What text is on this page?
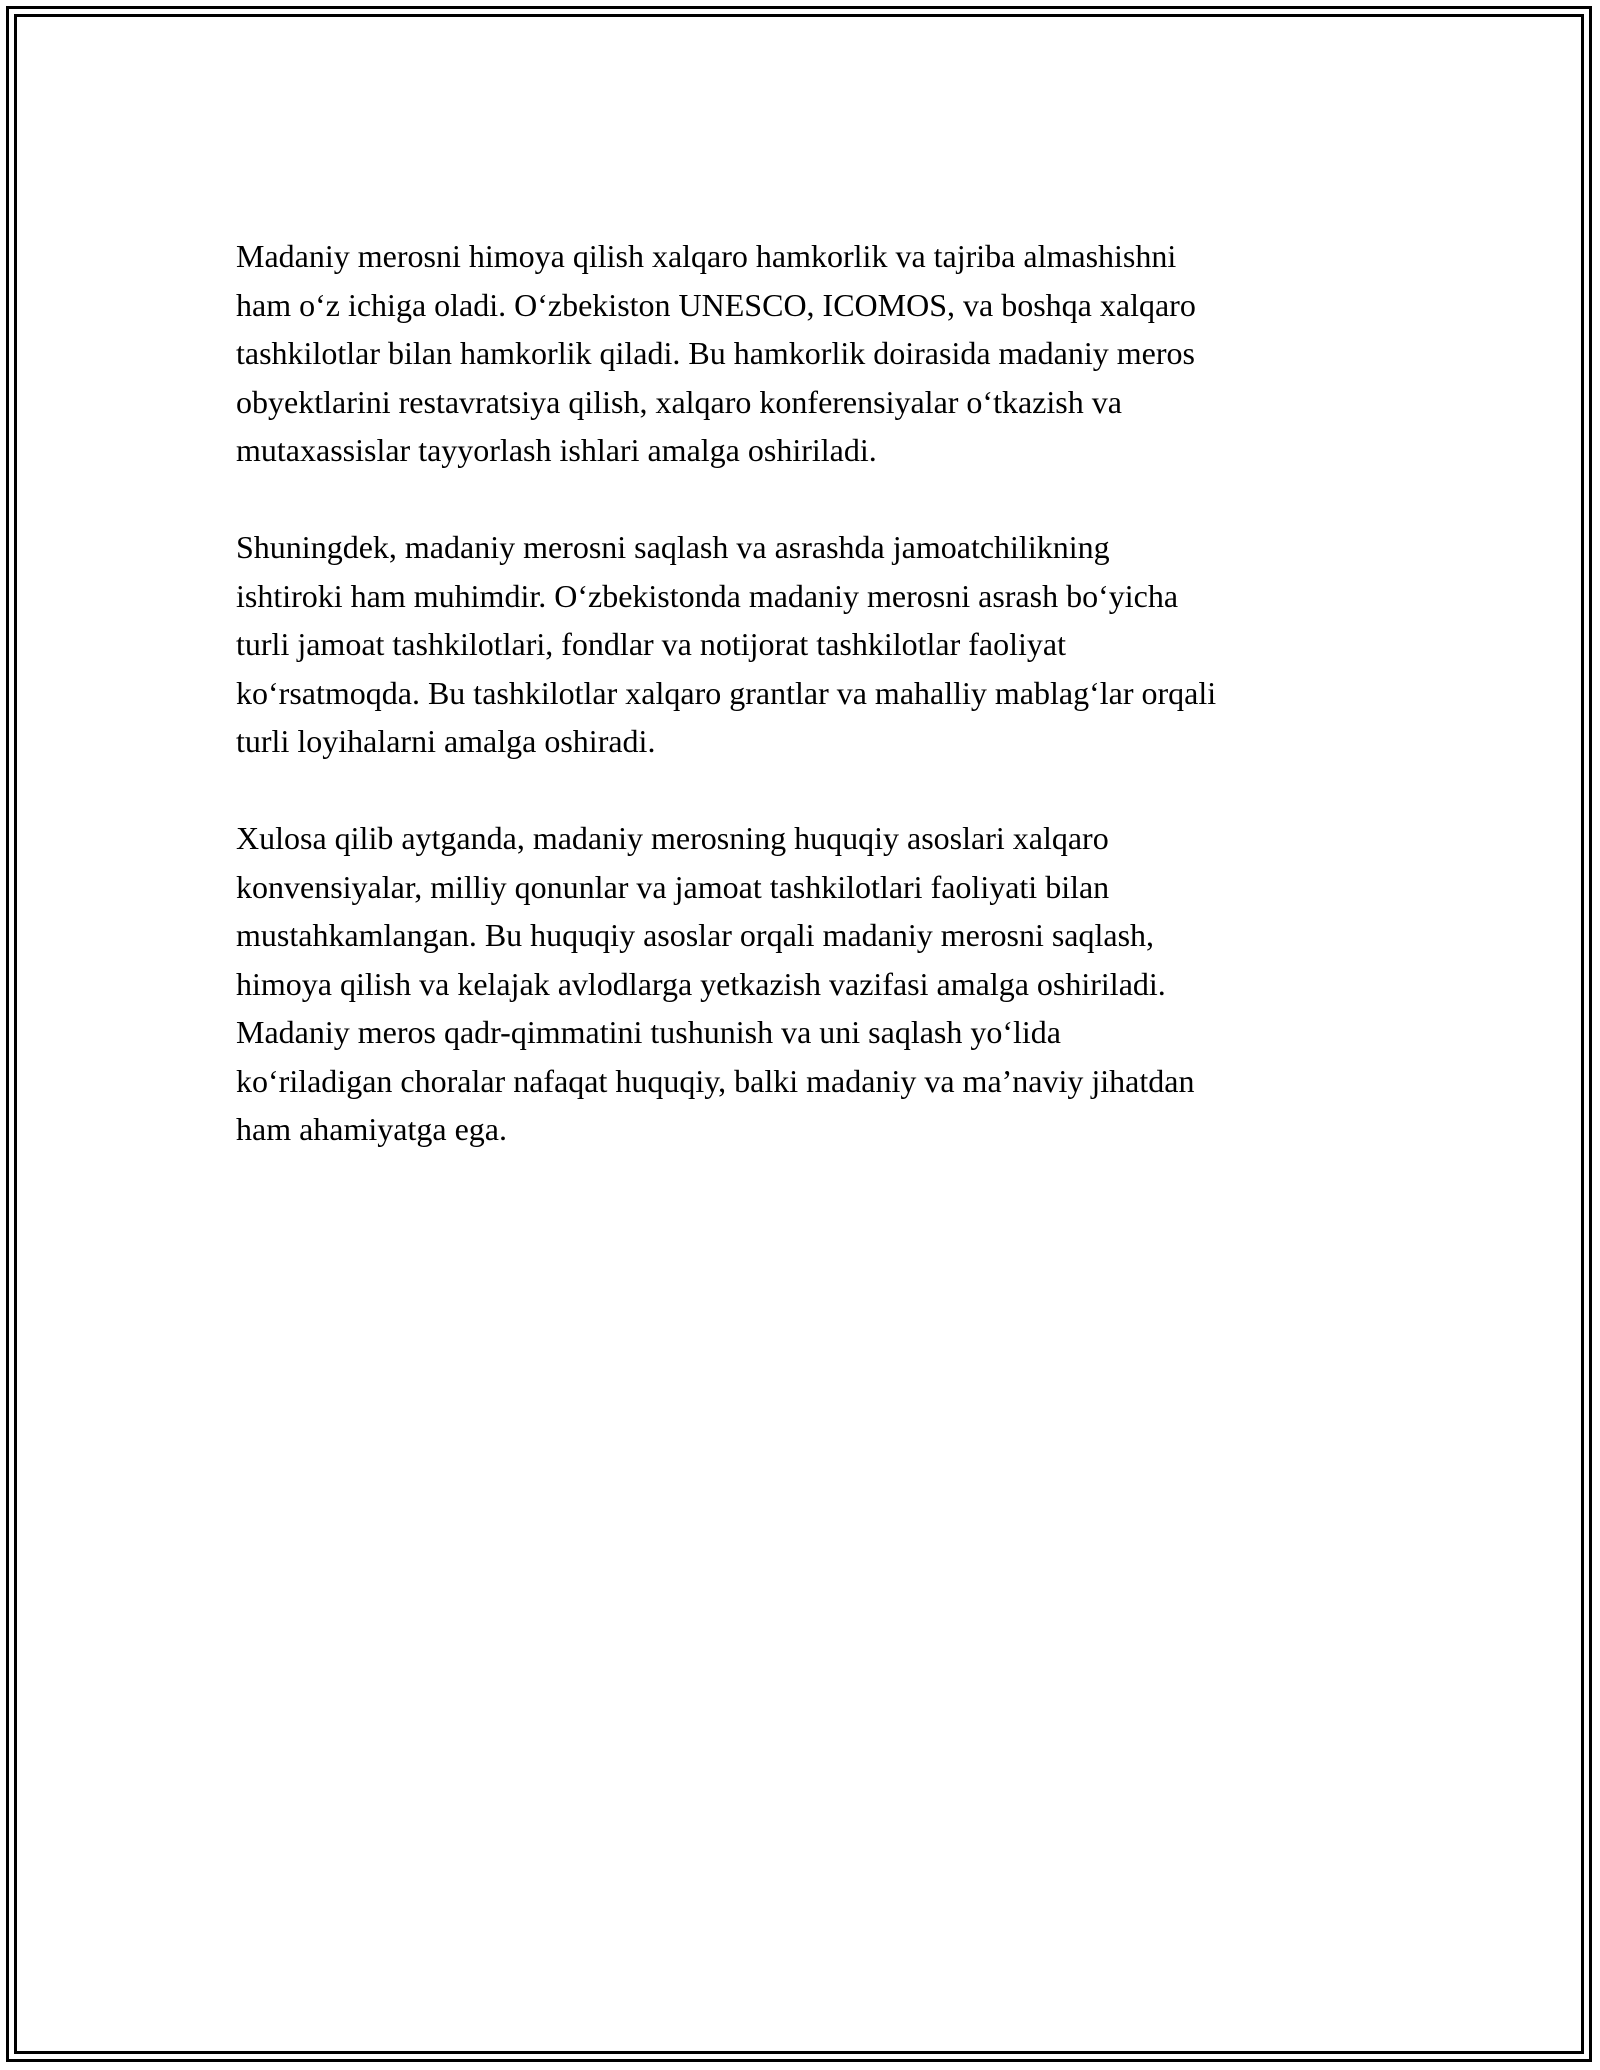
Madaniy merosni himoya qilish xalqaro hamkorlik va tajriba almashishni
ham o‘z ichiga oladi. O‘zbekiston UNESCO, ICOMOS, va boshqa xalqaro
tashkilotlar bilan hamkorlik qiladi. Bu hamkorlik doirasida madaniy meros
obyektlarini restavratsiya qilish, xalqaro konferensiyalar o‘tkazish va
mutaxassislar tayyorlash ishlari amalga oshiriladi.

Shuningdek, madaniy merosni saqlash va asrashda jamoatchilikning
ishtiroki ham muhimdir. O‘zbekistonda madaniy merosni asrash bo‘yicha
turli jamoat tashkilotlari, fondlar va notijorat tashkilotlar faoliyat
ko‘rsatmoqda. Bu tashkilotlar xalqaro grantlar va mahalliy mablag‘lar orqali
turli loyihalarni amalga oshiradi.

Xulosa qilib aytganda, madaniy merosning huquqiy asoslari xalqaro
konvensiyalar, milliy qonunlar va jamoat tashkilotlari faoliyati bilan
mustahkamlangan. Bu huquqiy asoslar orqali madaniy merosni saqlash,
himoya qilish va kelajak avlodlarga yetkazish vazifasi amalga oshiriladi.
Madaniy meros qadr-qimmatini tushunish va uni saqlash yo‘lida
ko‘riladigan choralar nafaqat huquqiy, balki madaniy va ma’naviy jihatdan
ham ahamiyatga ega.
